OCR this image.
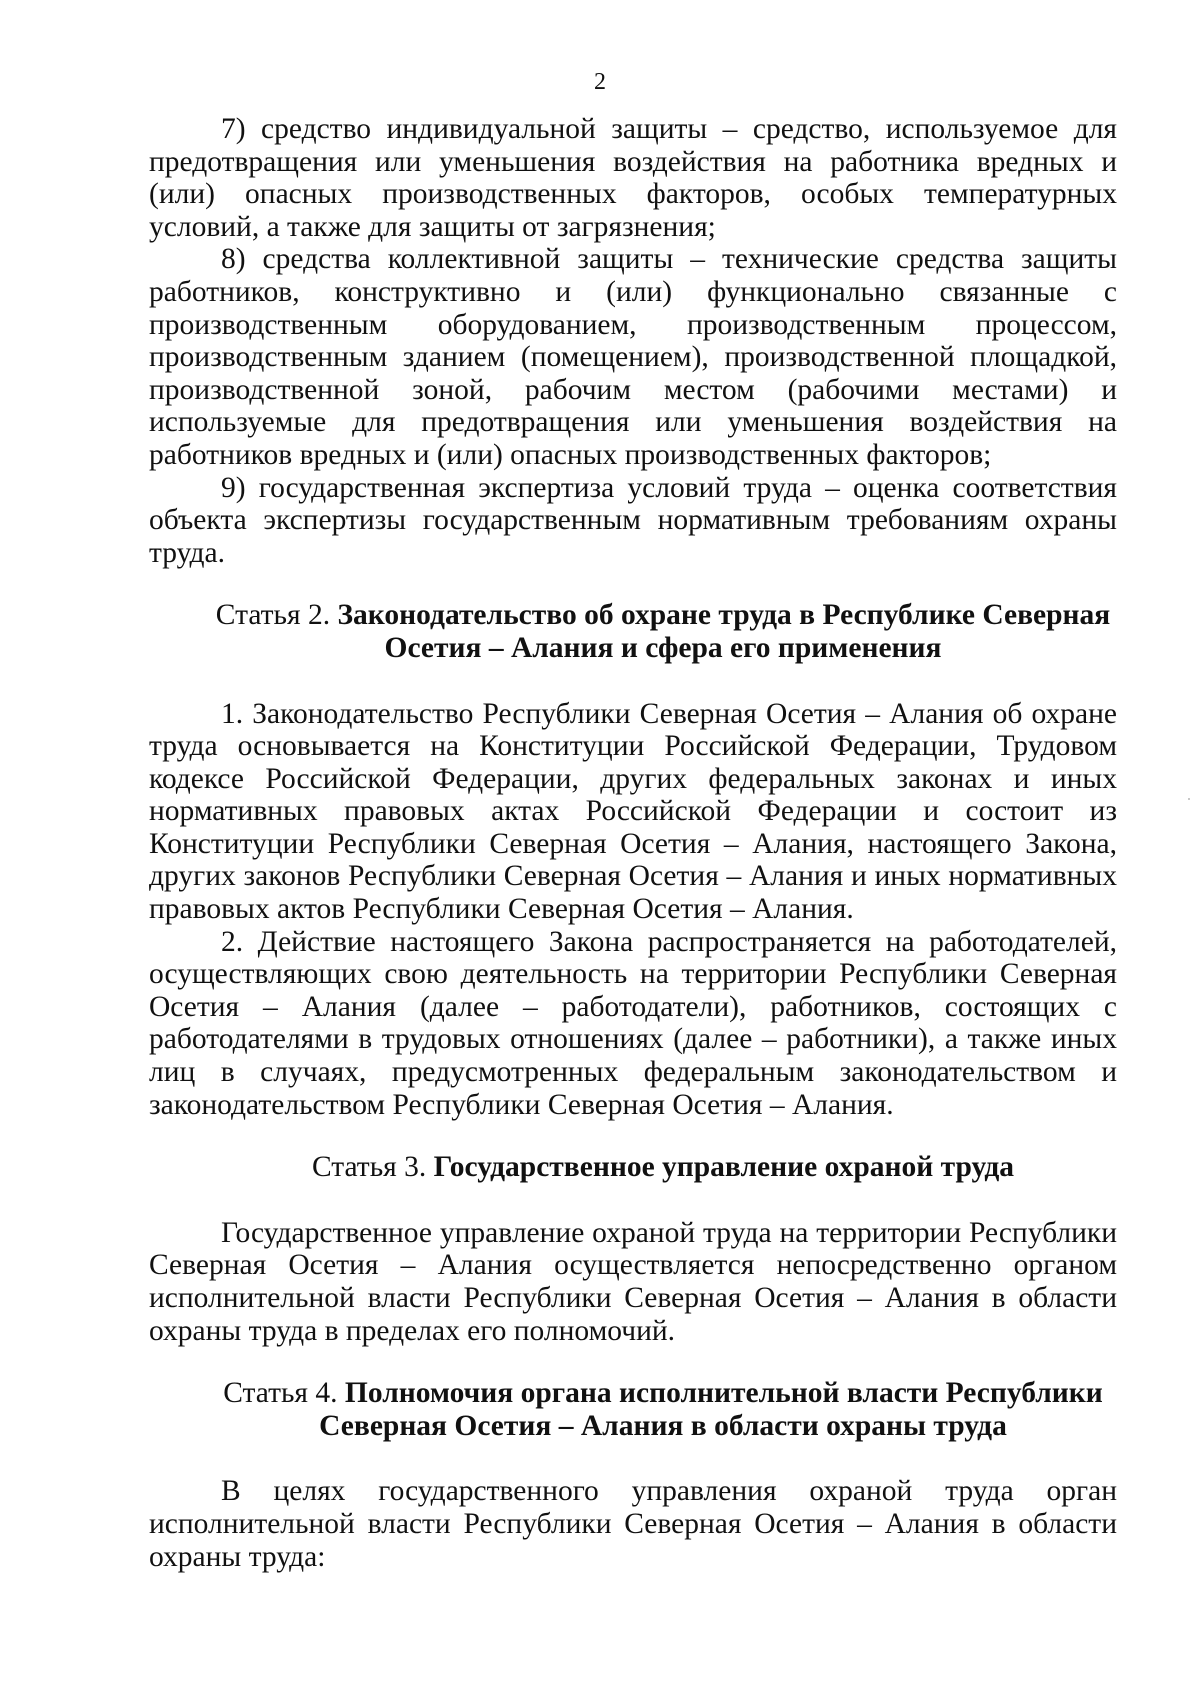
2

7) средство индивидуальной защиты – средство, используемое для предотвращения или уменьшения воздействия на работника вредных и (или) опасных производственных факторов, особых температурных условий, а также для защиты от загрязнения;

8) средства коллективной защиты – технические средства защиты работников, конструктивно и (или) функционально связанные с производственным оборудованием, производственным процессом, производственным зданием (помещением), производственной площадкой, производственной зоной, рабочим местом (рабочими местами) и используемые для предотвращения или уменьшения воздействия на работников вредных и (или) опасных производственных факторов;

9) государственная экспертиза условий труда – оценка соответствия объекта экспертизы государственным нормативным требованиям охраны труда.

Статья 2. Законодательство об охране труда в Республике Северная Осетия – Алания и сфера его применения

1. Законодательство Республики Северная Осетия – Алания об охране труда основывается на Конституции Российской Федерации, Трудовом кодексе Российской Федерации, других федеральных законах и иных нормативных правовых актах Российской Федерации и состоит из Конституции Республики Северная Осетия – Алания, настоящего Закона, других законов Республики Северная Осетия – Алания и иных нормативных правовых актов Республики Северная Осетия – Алания.

2. Действие настоящего Закона распространяется на работодателей, осуществляющих свою деятельность на территории Республики Северная Осетия – Алания (далее – работодатели), работников, состоящих с работодателями в трудовых отношениях (далее – работники), а также иных лиц в случаях, предусмотренных федеральным законодательством и законодательством Республики Северная Осетия – Алания.

Статья 3. Государственное управление охраной труда

Государственное управление охраной труда на территории Республики Северная Осетия – Алания осуществляется непосредственно органом исполнительной власти Республики Северная Осетия – Алания в области охраны труда в пределах его полномочий.

Статья 4. Полномочия органа исполнительной власти Республики Северная Осетия – Алания в области охраны труда

В целях государственного управления охраной труда орган исполнительной власти Республики Северная Осетия – Алания в области охраны труда:
